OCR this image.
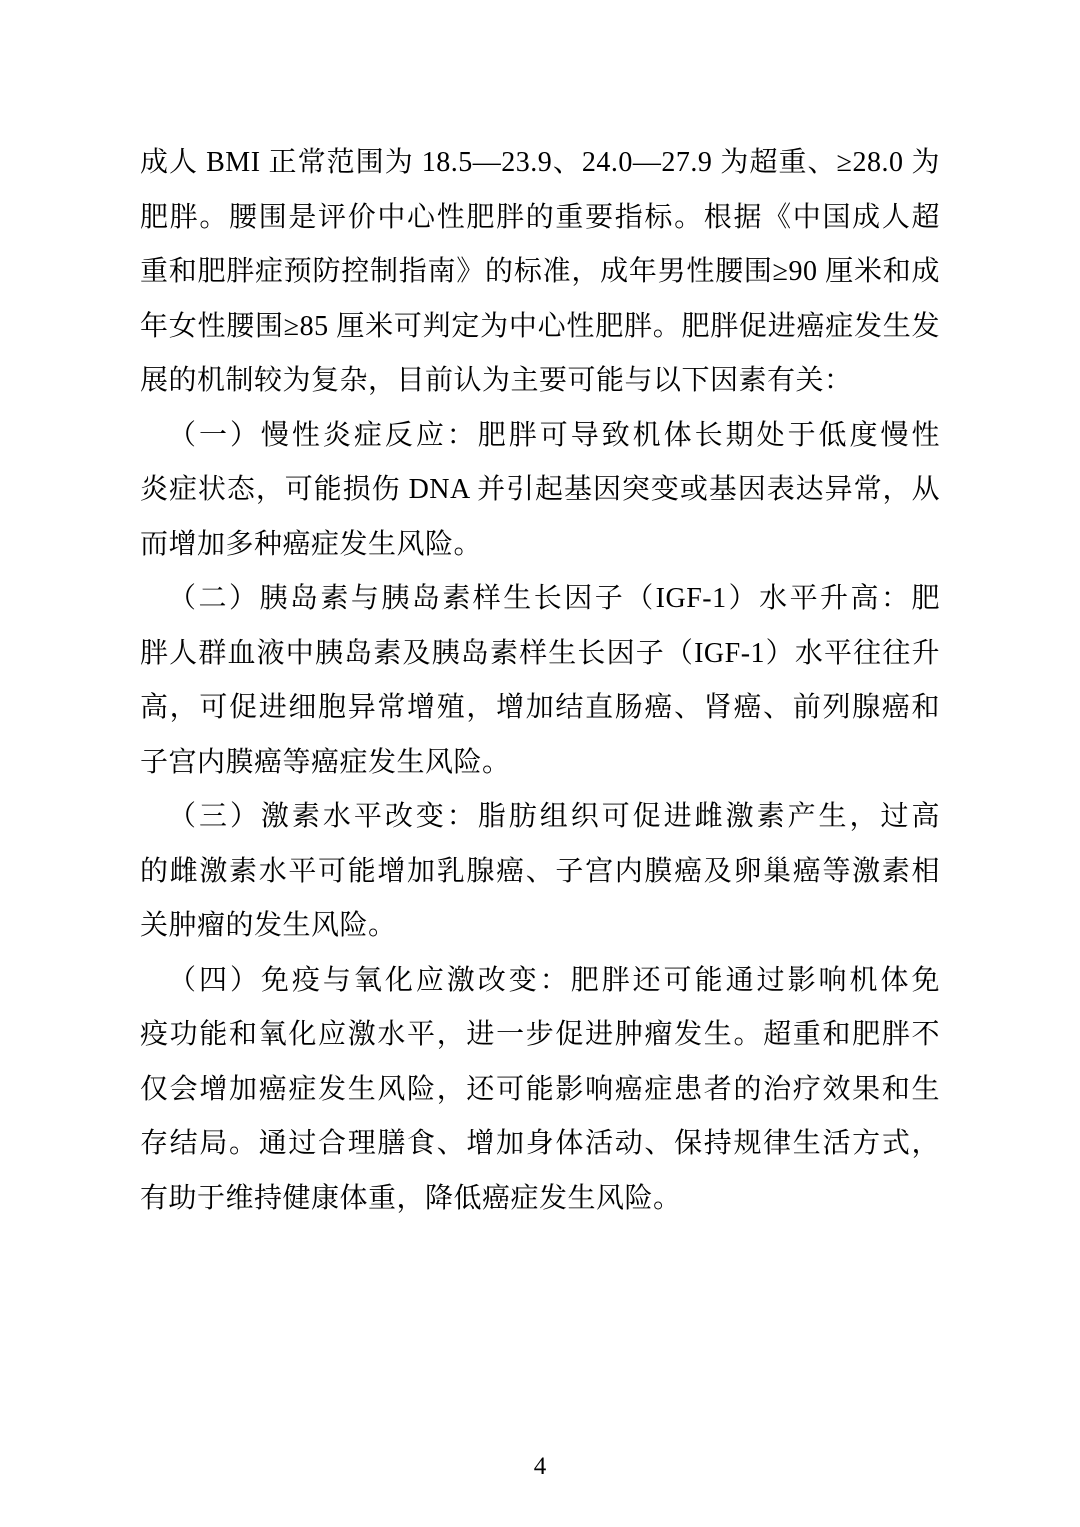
成人 BMI 正常范围为 18.5—23.9、24.0—27.9 为超重、≥28.0 为
肥胖。腰围是评价中心性肥胖的重要指标。根据《中国成人超
重和肥胖症预防控制指南》的标准，成年男性腰围≥90 厘米和成
年女性腰围≥85 厘米可判定为中心性肥胖。肥胖促进癌症发生发
展的机制较为复杂，目前认为主要可能与以下因素有关：
（一）慢性炎症反应：肥胖可导致机体长期处于低度慢性
炎症状态，可能损伤 DNA 并引起基因突变或基因表达异常，从
而增加多种癌症发生风险。
（二）胰岛素与胰岛素样生长因子（IGF-1）水平升高：肥
胖人群血液中胰岛素及胰岛素样生长因子（IGF-1）水平往往升
高，可促进细胞异常增殖，增加结直肠癌、肾癌、前列腺癌和
子宫内膜癌等癌症发生风险。
（三）激素水平改变：脂肪组织可促进雌激素产生，过高
的雌激素水平可能增加乳腺癌、子宫内膜癌及卵巢癌等激素相
关肿瘤的发生风险。
（四）免疫与氧化应激改变：肥胖还可能通过影响机体免
疫功能和氧化应激水平，进一步促进肿瘤发生。超重和肥胖不
仅会增加癌症发生风险，还可能影响癌症患者的治疗效果和生
存结局。通过合理膳食、增加身体活动、保持规律生活方式，
有助于维持健康体重，降低癌症发生风险。
4
